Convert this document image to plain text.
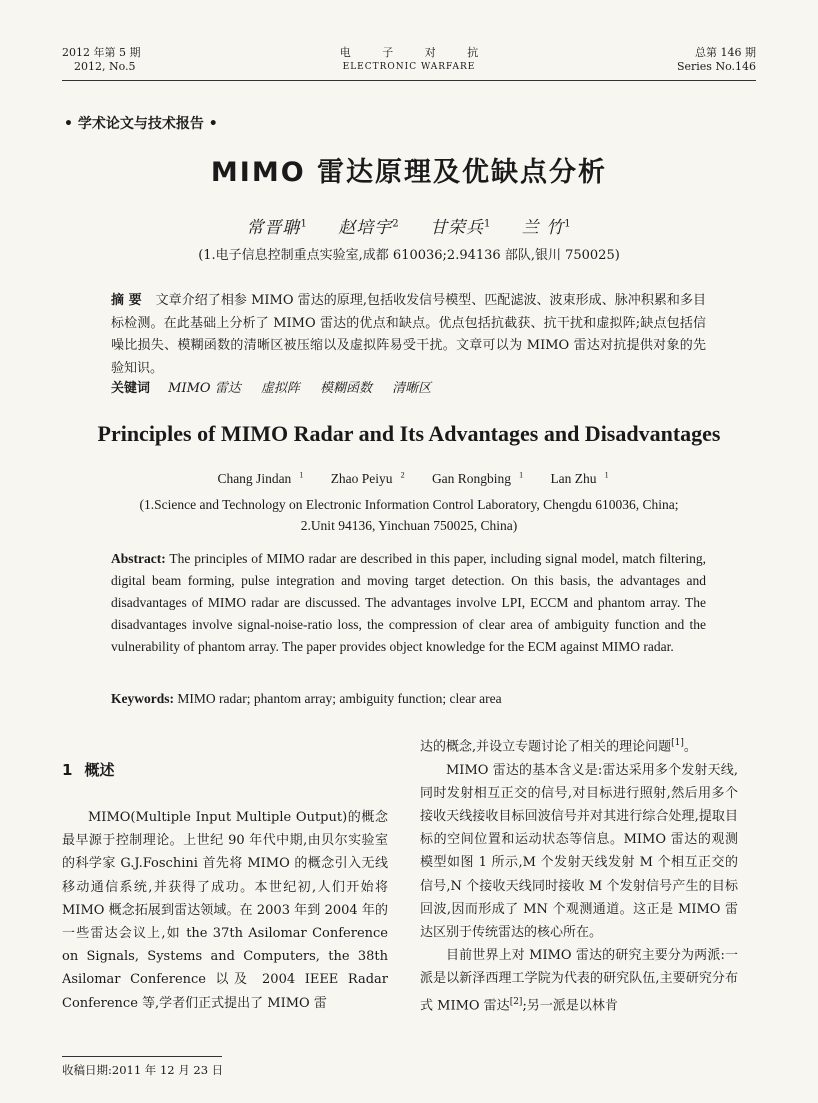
2012 年第 5 期
2012, No.5
电 子 对 抗
ELECTRONIC WARFARE
总第 146 期
Series No.146
• 学术论文与技术报告 •
MIMO 雷达原理及优缺点分析
常晋聃$^1$ 赵培宇$^2$ 甘荣兵$^1$ 兰 竹$^1$
(1.电子信息控制重点实验室,成都 610036;2.94136 部队,银川 750025)
摘 要 文章介绍了相参 MIMO 雷达的原理,包括收发信号模型、匹配滤波、波束形成、脉冲积累和多目标检测。在此基础上分析了 MIMO 雷达的优点和缺点。优点包括抗截获、抗干扰和虚拟阵;缺点包括信噪比损失、模糊函数的清晰区被压缩以及虚拟阵易受干扰。文章可以为 MIMO 雷达对抗提供对象的先验知识。
关键词 MIMO 雷达 虚拟阵 模糊函数 清晰区
Principles of MIMO Radar and Its Advantages and Disadvantages
Chang Jindan $^1$ Zhao Peiyu $^2$ Gan Rongbing $^1$ Lan Zhu $^1$
(1.Science and Technology on Electronic Information Control Laboratory, Chengdu 610036, China;
2.Unit 94136, Yinchuan 750025, China)
Abstract: The principles of MIMO radar are described in this paper, including signal model, match filtering, digital beam forming, pulse integration and moving target detection. On this basis, the advantages and disadvantages of MIMO radar are discussed. The advantages involve LPI, ECCM and phantom array. The disadvantages involve signal-noise-ratio loss, the compression of clear area of ambiguity function and the vulnerability of phantom array. The paper provides object knowledge for the ECM against MIMO radar.
Keywords: MIMO radar; phantom array; ambiguity function; clear area
1 概述

MIMO(Multiple Input Multiple Output)的概念最早源于控制理论。上世纪 90 年代中期,由贝尔实验室的科学家 G.J.Foschini 首先将 MIMO 的概念引入无线移动通信系统,并获得了成功。本世纪初,人们开始将 MIMO 概念拓展到雷达领域。在 2003 年到 2004 年的一些雷达会议上,如 the 37th Asilomar Conference on Signals, Systems and Computers, the 38th Asilomar Conference 以及 2004 IEEE Radar Conference 等,学者们正式提出了 MIMO 雷

达的概念,并设立专题讨论了相关的理论问题[1]。

MIMO 雷达的基本含义是:雷达采用多个发射天线,同时发射相互正交的信号,对目标进行照射,然后用多个接收天线接收目标回波信号并对其进行综合处理,提取目标的空间位置和运动状态等信息。MIMO 雷达的观测模型如图 1 所示,M 个发射天线发射 M 个相互正交的信号,N 个接收天线同时接收 M 个发射信号产生的目标回波,因而形成了 MN 个观测通道。这正是 MIMO 雷达区别于传统雷达的核心所在。

目前世界上对 MIMO 雷达的研究主要分为两派:一派是以新泽西理工学院为代表的研究队伍,主要研究分布式 MIMO 雷达[2];另一派是以林肯

收稿日期:2011 年 12 月 23 日
